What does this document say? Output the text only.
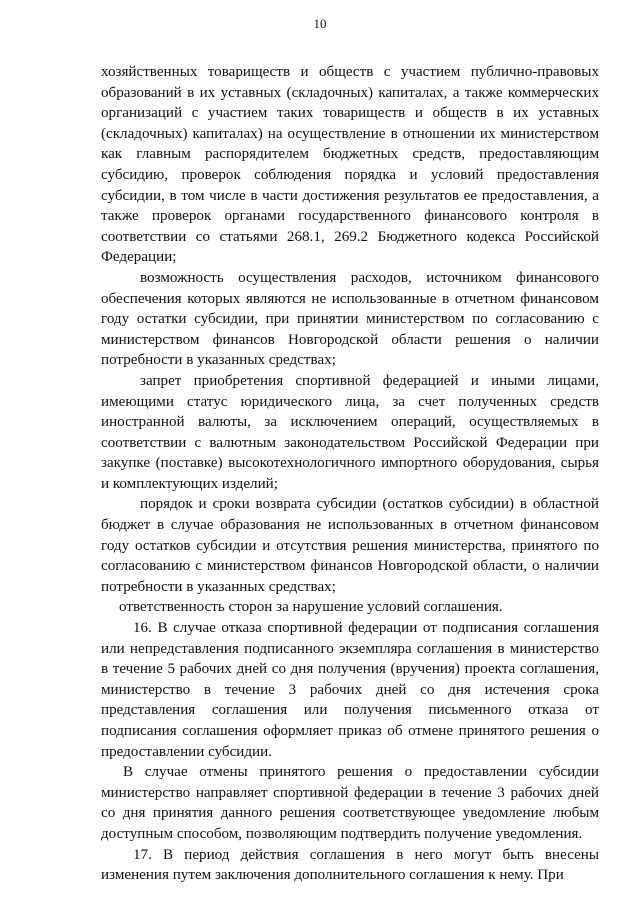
10

хозяйственных товариществ и обществ с участием публично-правовых образований в их уставных (складочных) капиталах, а также коммерческих организаций с участием таких товариществ и обществ в их уставных (складочных) капиталах) на осуществление в отношении их министерством как главным распорядителем бюджетных средств, предоставляющим субсидию, проверок соблюдения порядка и условий предоставления субсидии, в том числе в части достижения результатов ее предоставления, а также проверок органами государственного финансового контроля в соответствии со статьями 268.1, 269.2 Бюджетного кодекса Российской Федерации;

возможность осуществления расходов, источником финансового обеспечения которых являются не использованные в отчетном финансовом году остатки субсидии, при принятии министерством по согласованию с министерством финансов Новгородской области решения о наличии потребности в указанных средствах;

запрет приобретения спортивной федерацией и иными лицами, имеющими статус юридического лица, за счет полученных средств иностранной валюты, за исключением операций, осуществляемых в соответствии с валютным законодательством Российской Федерации при закупке (поставке) высокотехнологичного импортного оборудования, сырья и комплектующих изделий;

порядок и сроки возврата субсидии (остатков субсидии) в областной бюджет в случае образования не использованных в отчетном финансовом году остатков субсидии и отсутствия решения министерства, принятого по согласованию с министерством финансов Новгородской области, о наличии потребности в указанных средствах;

ответственность сторон за нарушение условий соглашения.

16. В случае отказа спортивной федерации от подписания соглашения или непредставления подписанного экземпляра соглашения в министерство в течение 5 рабочих дней со дня получения (вручения) проекта соглашения, министерство в течение 3 рабочих дней со дня истечения срока представления соглашения или получения письменного отказа от подписания соглашения оформляет приказ об отмене принятого решения о предоставлении субсидии.

В случае отмены принятого решения о предоставлении субсидии министерство направляет спортивной федерации в течение 3 рабочих дней со дня принятия данного решения соответствующее уведомление любым доступным способом, позволяющим подтвердить получение уведомления.

17. В период действия соглашения в него могут быть внесены изменения путем заключения дополнительного соглашения к нему. При
